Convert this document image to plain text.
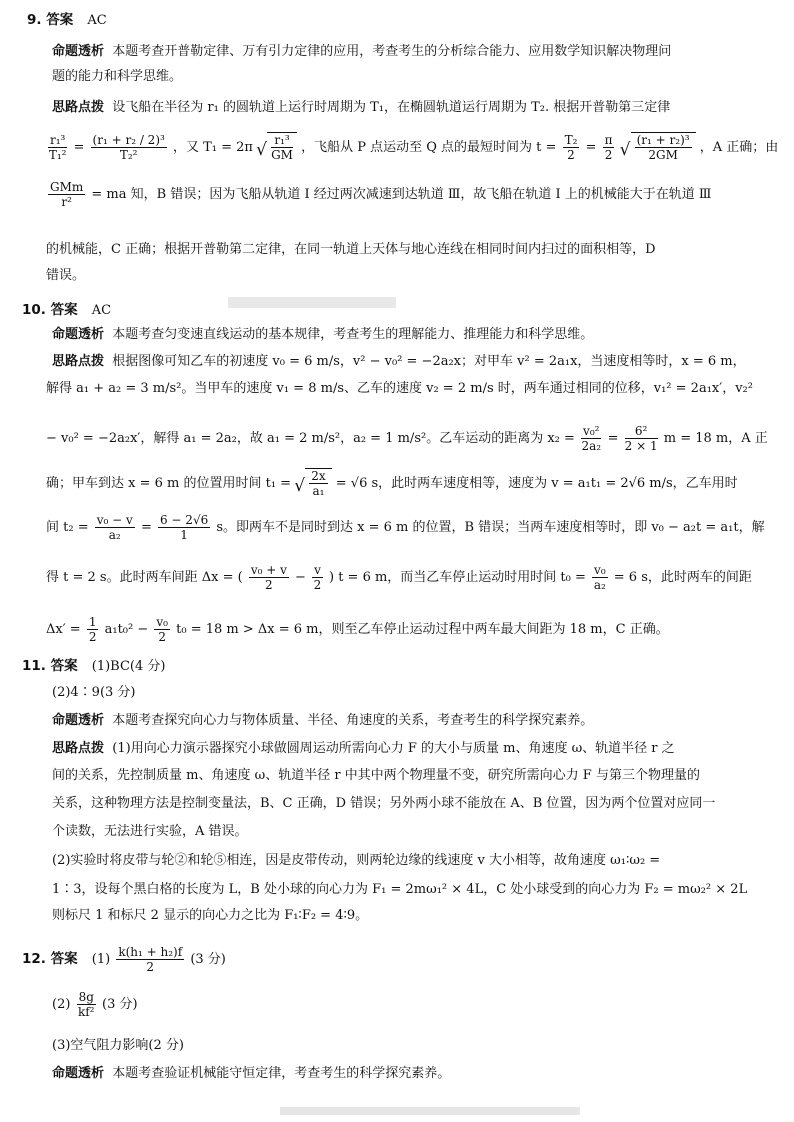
9. 答案 AC
命题透析 本题考查开普勒定律、万有引力定律的应用，考查考生的分析综合能力、应用数学知识解决物理问
题的能力和科学思维。
思路点拨 设飞船在半径为 r₁ 的圆轨道上运行时周期为 T₁，在椭圆轨道运行周期为 T₂. 根据开普勒第三定律
$\frac{\text{r₁³}}{\text{T₁²}} = \frac{\text{(r₁ + r₂ / 2)³}}{\text{T₂²}}$ ，又 T₁ = 2π √ $\frac{\text{r₁³}}{GM}$ ，飞船从 P 点运动至 Q 点的最短时间为 $t = \frac{\text{T₂}}{2} = \frac{\pi}{2}$
√ $\frac{\text{(r₁ + r₂)³}}{2GM}$ ，A 正确；由
$\frac{\text{GMm}}{\text{r²}}$ = ma 知，B 错误；因为飞船从轨道 Ⅰ 经过两次减速到达轨道 Ⅲ，故飞船在轨道 Ⅰ 上的机械能大于在轨道 Ⅲ
的机械能，C 正确；根据开普勒第二定律，在同一轨道上天体与地心连线在相同时间内扫过的面积相等，D
错误。
10. 答案 AC
命题透析 本题考查匀变速直线运动的基本规律，考查考生的理解能力、推理能力和科学思维。
思路点拨 根据图像可知乙车的初速度 v₀ = 6 m/s，v² − v₀² = −2a₂x；对甲车 v² = 2a₁x，当速度相等时，x = 6 m，
解得 a₁ + a₂ = 3 m/s²。当甲车的速度 v₁ = 8 m/s、乙车的速度 v₂ = 2 m/s 时，两车通过相同的位移，v₁² = 2a₁x′，v₂²
− v₀² = −2a₂x′，解得 a₁ = 2a₂，故 a₁ = 2 m/s²，a₂ = 1 m/s²。乙车运动的距离为 $x_2 = \frac{\text{v₀²}}{\text{2a₂}} = \frac{\text{6²}}{2 \times 1}$ m = 18 m，A 正
确；甲车到达 x = 6 m 的位置用时间 t₁ = √ $\frac{2x}{\text{a₁}} = √6$ s，此时两车速度相等，速度为 v = a₁t₁ = 2√6 m/s，乙车用时
间 $t_2 = \frac{\text{v₀ − v}}{\text{a₂}} = \frac{6 - 2√6}{1}$ s。即两车不是同时到达 x = 6 m 的位置，B 错误；当两车速度相等时，即 v₀ − a₂t = a₁t，解
得 t = 2 s。此时两车间距 Δx = ( $\frac{\text{v₀ + v}}{2} - \frac{v}{2}$ ) t = 6 m，而当乙车停止运动时用时间 $t_0 = \frac{\text{v₀}}{\text{a₂}} = 6$ s，此时两车的间距
$\Delta x' = \frac{1}{2} a_1t_0^2 - \frac{\text{v₀}}{2} t_0 = 18$ m > Δx = 6 m，则至乙车停止运动过程中两车最大间距为 18 m，C 正确。
11. 答案 (1)BC(4 分)
(2)4∶9(3 分)
命题透析 本题考查探究向心力与物体质量、半径、角速度的关系，考查考生的科学探究素养。
思路点拨 (1)用向心力演示器探究小球做圆周运动所需向心力 F 的大小与质量 m、角速度 ω、轨道半径 r 之
间的关系，先控制质量 m、角速度 ω、轨道半径 r 中其中两个物理量不变，研究所需向心力 F 与第三个物理量的
关系，这种物理方法是控制变量法，B、C 正确，D 错误；另外两小球不能放在 A、B 位置，因为两个位置对应同一
个读数，无法进行实验，A 错误。
(2)实验时将皮带与轮②和轮⑤相连，因是皮带传动，则两轮边缘的线速度 v 大小相等，故角速度 ω₁∶ω₂ =
1∶3，设每个黑白格的长度为 L，B 处小球的向心力为 F₁ = 2mω₁² × 4L，C 处小球受到的向心力为 F₂ = mω₂² × 2L
则标尺 1 和标尺 2 显示的向心力之比为 F₁∶F₂ = 4∶9。
12. 答案 $(1) \frac{\text{k(h₁ + h₂)f}}{2} (3$ 分)
$(2) \frac{8g}{\text{kf²}} (3$ 分)
(3)空气阻力影响(2 分)
命题透析 本题考查验证机械能守恒定律，考查考生的科学探究素养。
